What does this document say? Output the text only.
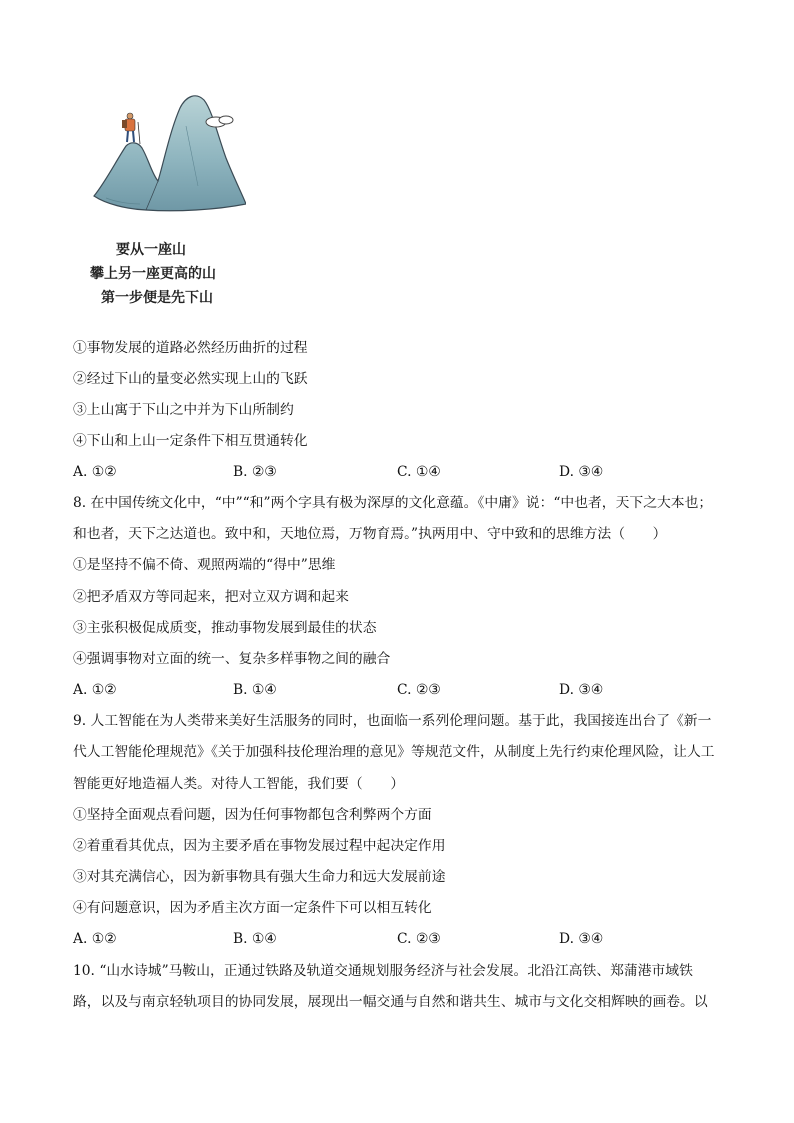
要从一座山
攀上另一座更高的山
第一步便是先下山
①事物发展的道路必然经历曲折的过程
②经过下山的量变必然实现上山的飞跃
③上山寓于下山之中并为下山所制约
④下山和上山一定条件下相互贯通转化
A. ①②	B. ②③	C. ①④	D. ③④
8. 在中国传统文化中，“中”“和”两个字具有极为深厚的文化意蕴。《中庸》说：“中也者，天下之大本也；
和也者，天下之达道也。致中和，天地位焉，万物育焉。”执两用中、守中致和的思维方法（　　）
①是坚持不偏不倚、观照两端的“得中”思维
②把矛盾双方等同起来，把对立双方调和起来
③主张积极促成质变，推动事物发展到最佳的状态
④强调事物对立面的统一、复杂多样事物之间的融合
A. ①②	B. ①④	C. ②③	D. ③④
9. 人工智能在为人类带来美好生活服务的同时，也面临一系列伦理问题。基于此，我国接连出台了《新一
代人工智能伦理规范》《关于加强科技伦理治理的意见》等规范文件，从制度上先行约束伦理风险，让人工
智能更好地造福人类。对待人工智能，我们要（　　）
①坚持全面观点看问题，因为任何事物都包含利弊两个方面
②着重看其优点，因为主要矛盾在事物发展过程中起决定作用
③对其充满信心，因为新事物具有强大生命力和远大发展前途
④有问题意识，因为矛盾主次方面一定条件下可以相互转化
A. ①②	B. ①④	C. ②③	D. ③④
10. “山水诗城”马鞍山，正通过铁路及轨道交通规划服务经济与社会发展。北沿江高铁、郑蒲港市域铁
路，以及与南京轻轨项目的协同发展，展现出一幅交通与自然和谐共生、城市与文化交相辉映的画卷。以
